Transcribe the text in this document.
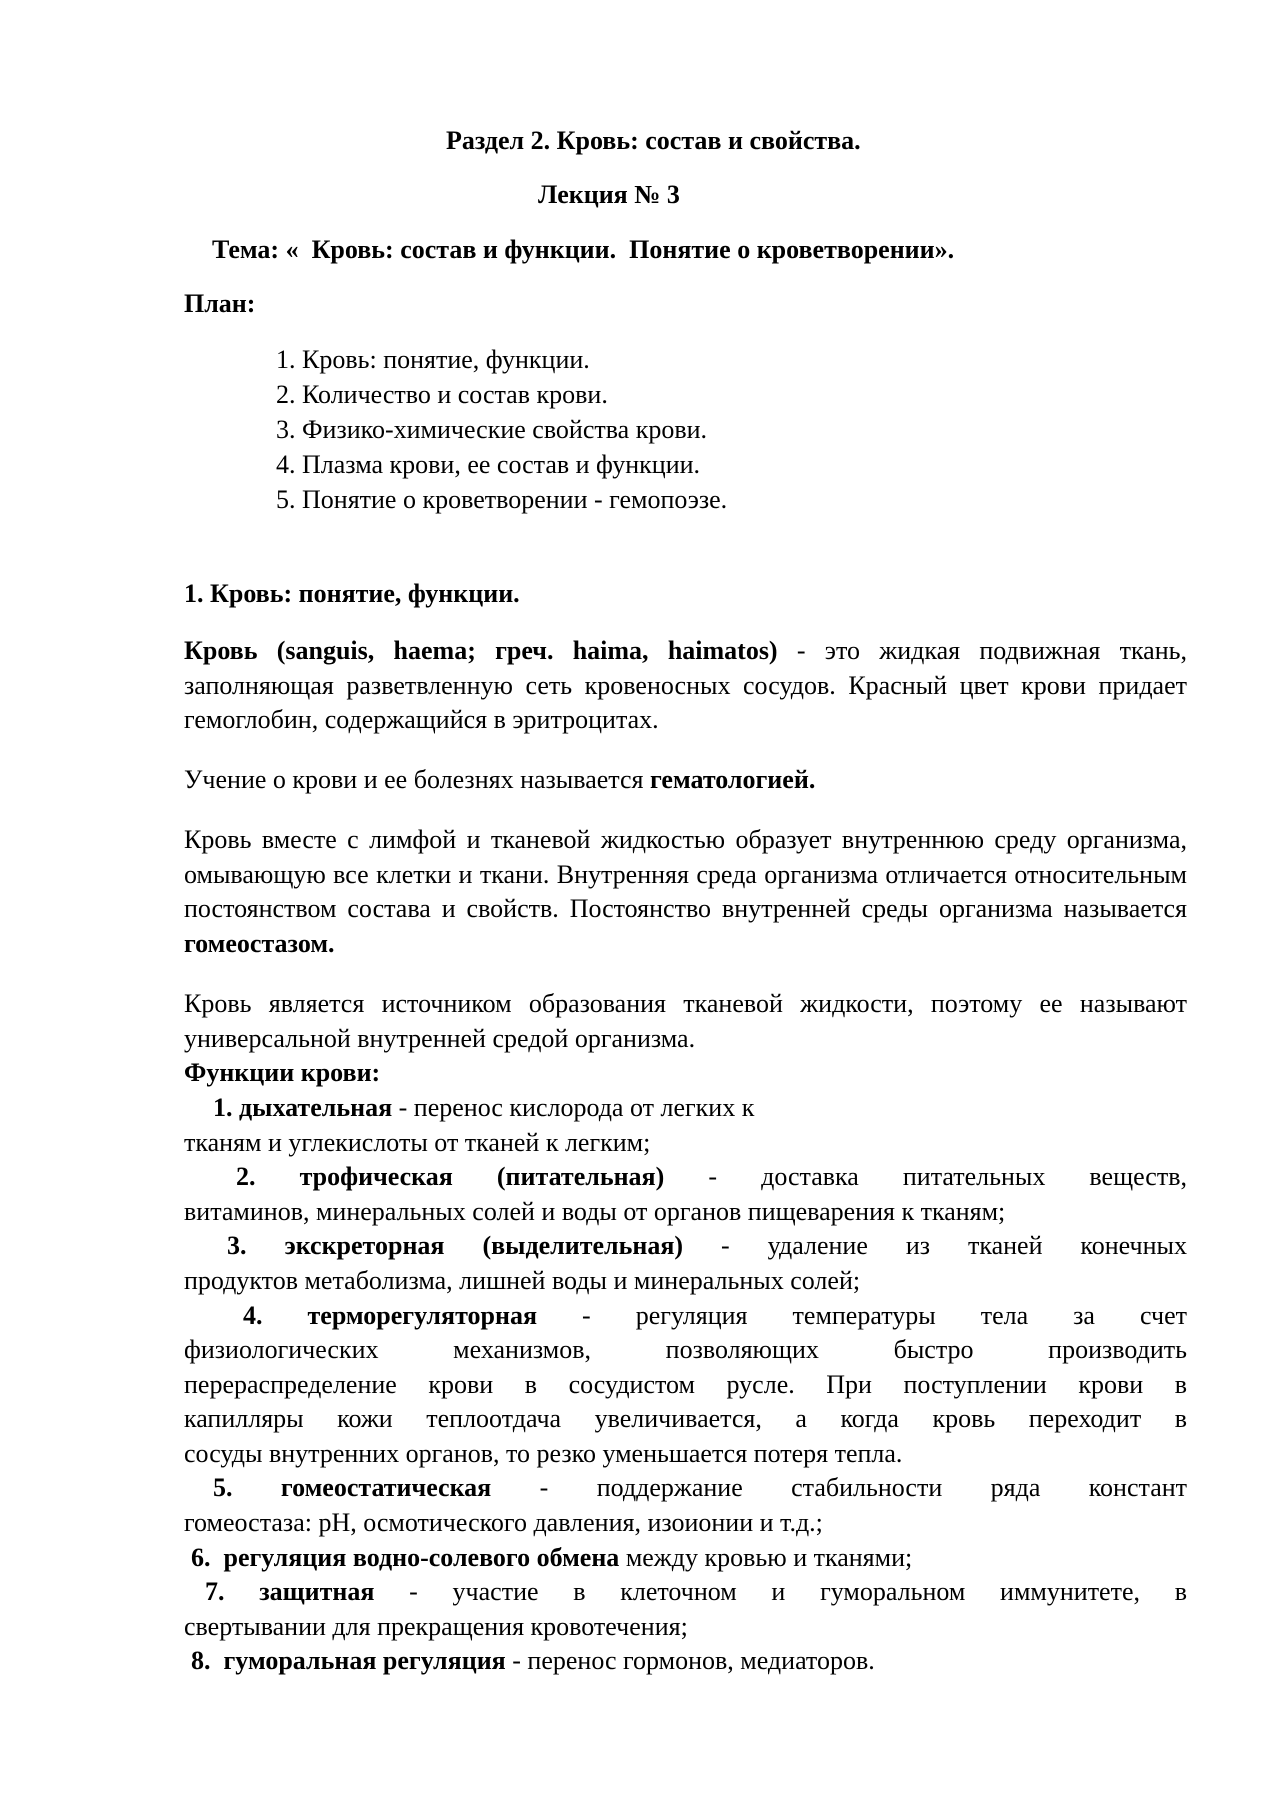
Раздел 2. Кровь: состав и свойства.

Лекция № 3

Тема: «  Кровь: состав и функции.  Понятие о кроветворении».

План:

1. Кровь: понятие, функции.

2. Количество и состав крови.

3. Физико-химические свойства крови.

4. Плазма крови, ее состав и функции.

5. Понятие о кроветворении - гемопоэзе.

1. Кровь: понятие, функции.

Кровь (sanguis, haema; греч. haima, haimatos) - это жидкая подвижная ткань, заполняющая разветвленную сеть кровеносных сосудов. Красный цвет крови придает гемоглобин, содержащийся в эритроцитах.

Учение о крови и ее болезнях называется гематологией.

Кровь вместе с лимфой и тканевой жидкостью образует внутреннюю среду организма, омывающую все клетки и ткани. Внутренняя среда организма отличается относительным постоянством состава и свойств. Постоянство внутренней среды организма называется гомеостазом.

Кровь является источником образования тканевой жидкости, поэтому ее называют универсальной внутренней средой организма.

Функции крови:

1. дыхательная - перенос кислорода от легких к

тканям и углекислоты от тканей к легким;

2. трофическая (питательная) - доставка питательных веществ,

витаминов, минеральных солей и воды от органов пищеварения к тканям;

3. экскреторная (выделительная) - удаление из тканей конечных

продуктов метаболизма, лишней воды и минеральных солей;

4. терморегуляторная - регуляция температуры тела за счет

физиологических механизмов, позволяющих быстро производить

перераспределение крови в сосудистом русле. При поступлении крови в

капилляры кожи теплоотдача увеличивается, а когда кровь переходит в

сосуды внутренних органов, то резко уменьшается потеря тепла.

5. гомеостатическая - поддержание стабильности ряда констант

гомеостаза: рН, осмотического давления, изоионии и т.д.;

6.  регуляция водно-солевого обмена между кровью и тканями;

7. защитная - участие в клеточном и гуморальном иммунитете, в

свертывании для прекращения кровотечения;

8.  гуморальная регуляция - перенос гормонов, медиаторов.
